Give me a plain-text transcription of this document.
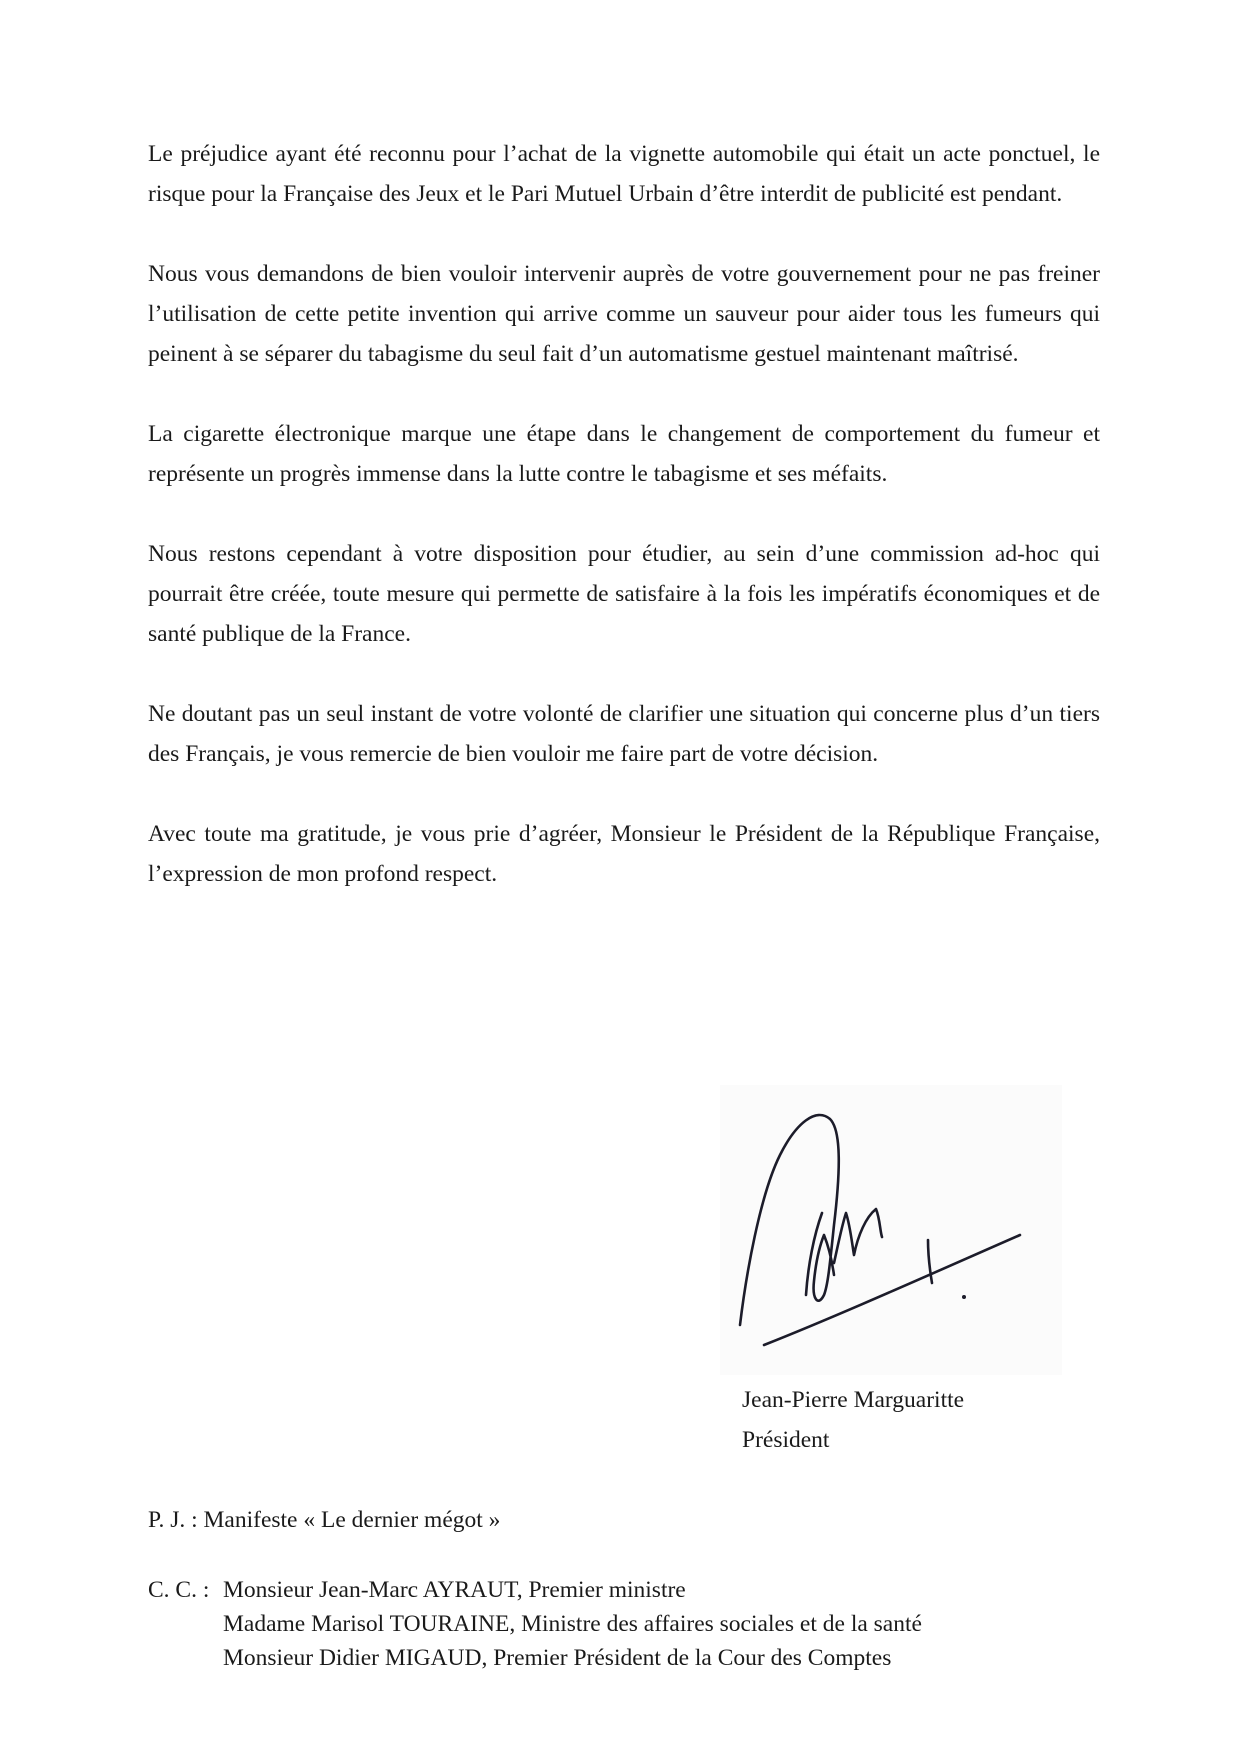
Le préjudice ayant été reconnu pour l’achat de la vignette automobile qui était un acte ponctuel, le risque pour la Française des Jeux et le Pari Mutuel Urbain d’être interdit de publicité est pendant.

Nous vous demandons de bien vouloir intervenir auprès de votre gouvernement pour ne pas freiner l’utilisation de cette petite invention qui arrive comme un sauveur pour aider tous les fumeurs qui peinent à se séparer du tabagisme du seul fait d’un automatisme gestuel maintenant maîtrisé.

La cigarette électronique marque une étape dans le changement de comportement du fumeur et représente un progrès immense dans la lutte contre le tabagisme et ses méfaits.

Nous restons cependant à votre disposition pour étudier, au sein d’une commission ad-hoc qui pourrait être créée, toute mesure qui permette de satisfaire à la fois les impératifs économiques et de santé publique de la France.

Ne doutant pas un seul instant de votre volonté de clarifier une situation qui concerne plus d’un tiers des Français, je vous remercie de bien vouloir me faire part de votre décision.

Avec toute ma gratitude, je vous prie d’agréer, Monsieur le Président de la République Française, l’expression de mon profond respect.

Jean-Pierre Marguaritte
Président
P. J. : Manifeste « Le dernier mégot »
C. C. : Monsieur Jean-Marc AYRAUT, Premier ministre
Madame Marisol TOURAINE, Ministre des affaires sociales et de la santé
Monsieur Didier MIGAUD, Premier Président de la Cour des Comptes
